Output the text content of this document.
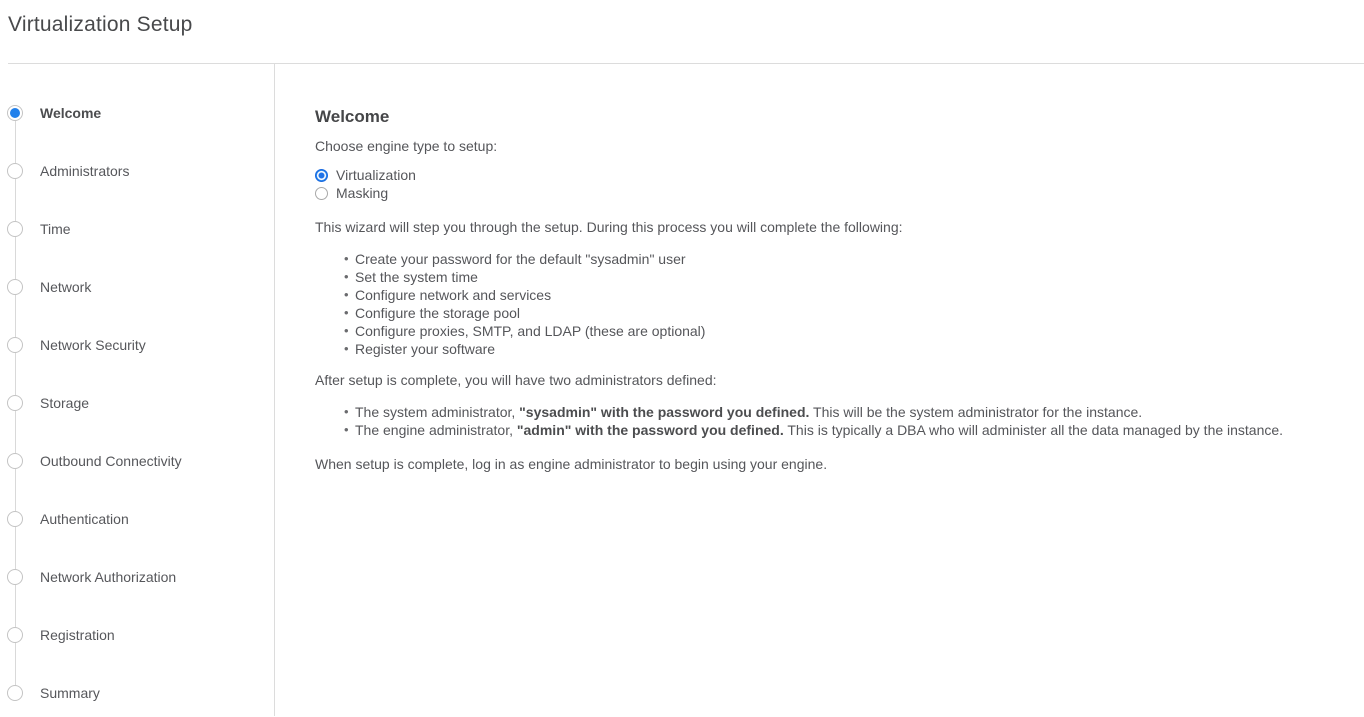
Virtualization Setup
Welcome
Administrators
Time
Network
Network Security
Storage
Outbound Connectivity
Authentication
Network Authorization
Registration
Summary
Welcome
Choose engine type to setup:
Virtualization
Masking

This wizard will step you through the setup. During this process you will complete the following:

• Create your password for the default "sysadmin" user
• Set the system time
• Configure network and services
• Configure the storage pool
• Configure proxies, SMTP, and LDAP (these are optional)
• Register your software

After setup is complete, you will have two administrators defined:

• The system administrator, "sysadmin" with the password you defined. This will be the system administrator for the instance.
• The engine administrator, "admin" with the password you defined. This is typically a DBA who will administer all the data managed by the instance.

When setup is complete, log in as engine administrator to begin using your engine.
